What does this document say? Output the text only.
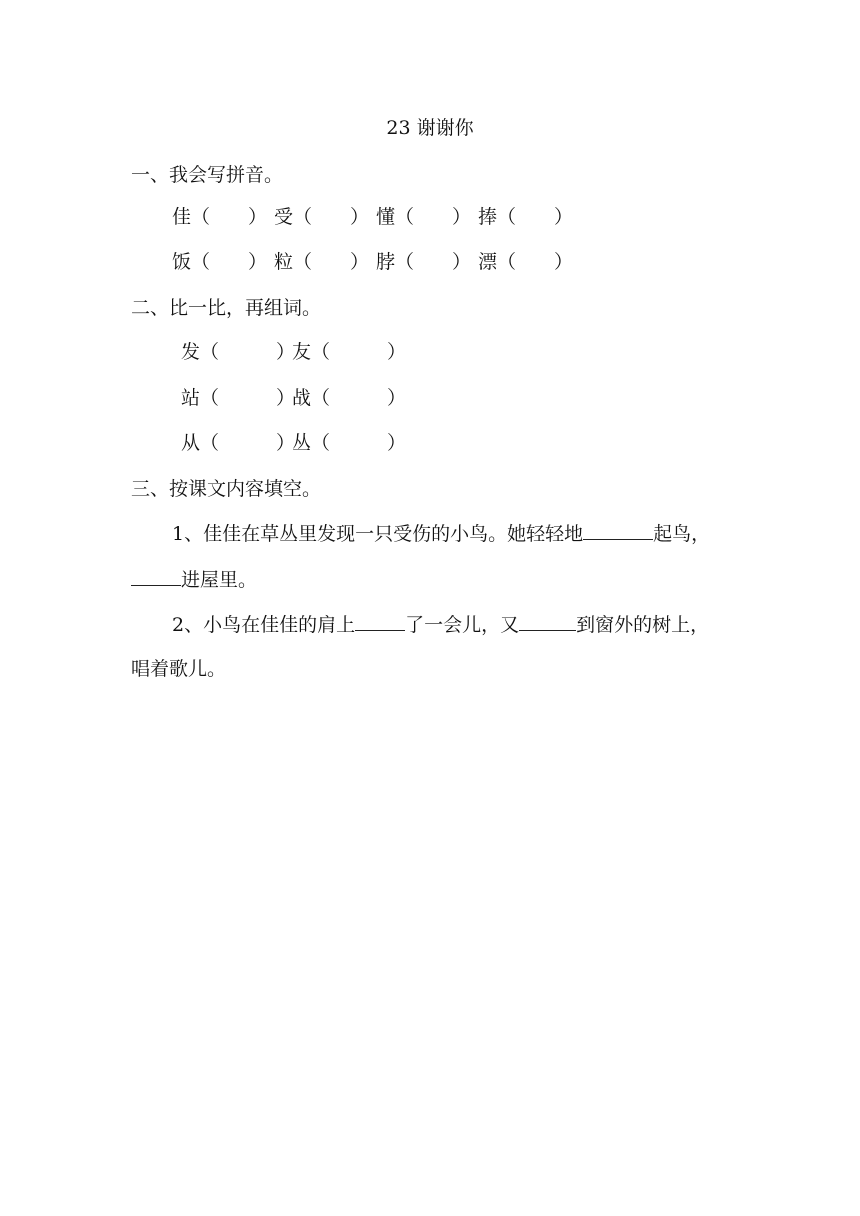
23 谢谢你
一、我会写拼音。
佳（　　） 受（　　） 懂（　　） 捧（　　）
饭（　　） 粒（　　） 脖（　　） 漂（　　）
二、比一比，再组词。
发（　　　）友（　　　）
站（　　　）战（　　　）
从（　　　）丛（　　　）
三、按课文内容填空。
1、佳佳在草丛里发现一只受伤的小鸟。她轻轻地	起鸟，
进屋里。
2、小鸟在佳佳的肩上	了一会儿，又	到窗外的树上，
唱着歌儿。
